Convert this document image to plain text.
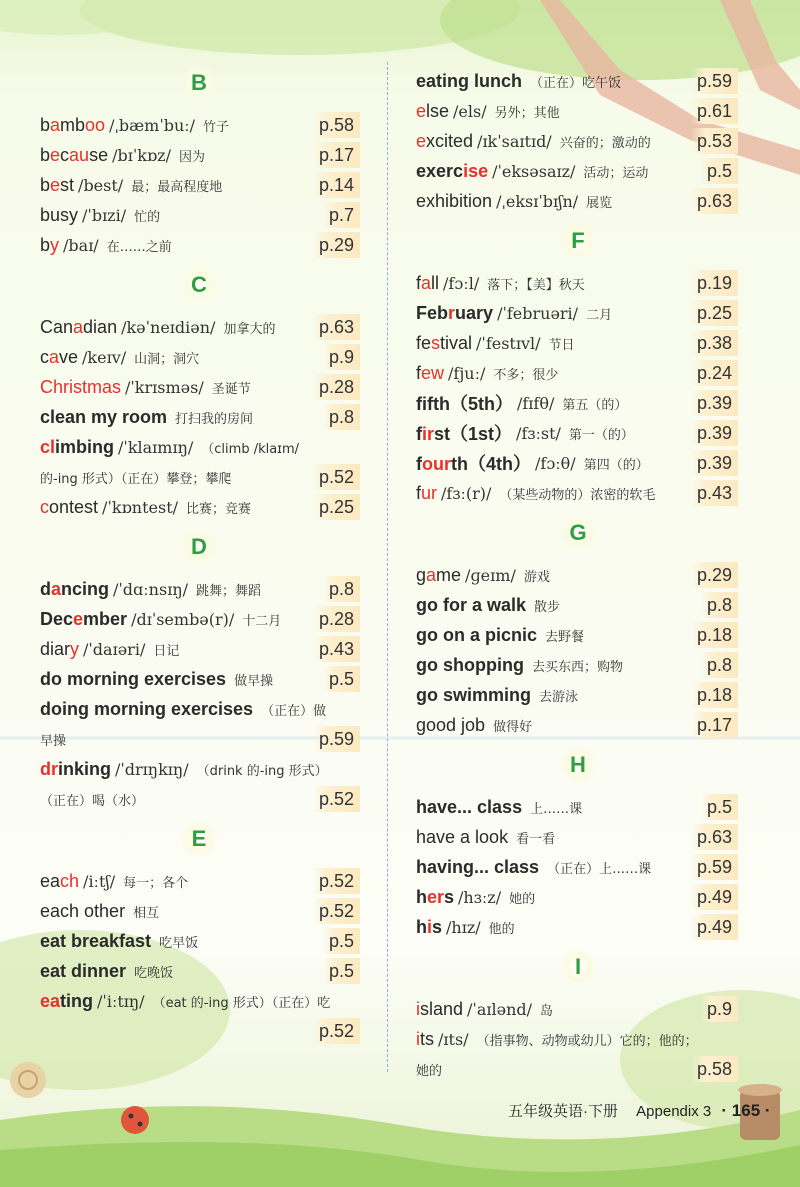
B
bamboo /ˌbæmˈbuː/ 竹子	p.58
because /bɪˈkɒz/ 因为	p.17
best /best/ 最；最高程度地	p.14
busy /ˈbɪzi/ 忙的	p.7
by /baɪ/ 在……之前	p.29
C
Canadian /kəˈneɪdiən/ 加拿大的	p.63
cave /keɪv/ 山洞；洞穴	p.9
Christmas /ˈkrɪsməs/ 圣诞节	p.28
clean my room 打扫我的房间	p.8
climbing /ˈklaɪmɪŋ/ （climb /klaɪm/
的-ing 形式）（正在）攀登；攀爬	p.52
contest /ˈkɒntest/ 比赛；竞赛	p.25
D
dancing /ˈdɑːnsɪŋ/ 跳舞；舞蹈	p.8
December /dɪˈsembə(r)/ 十二月	p.28
diary /ˈdaɪəri/ 日记	p.43
do morning exercises 做早操	p.5
doing morning exercises （正在）做
早操	p.59
drinking /ˈdrɪŋkɪŋ/ （drink 的-ing 形式）
（正在）喝（水）	p.52
E
each /iːtʃ/ 每一；各个	p.52
each other 相互	p.52
eat breakfast 吃早饭	p.5
eat dinner 吃晚饭	p.5
eating /ˈiːtɪŋ/ （eat 的-ing 形式）（正在）吃
p.52
eating lunch （正在）吃午饭	p.59
else /els/ 另外；其他	p.61
excited /ɪkˈsaɪtɪd/ 兴奋的；激动的	p.53
exercise /ˈeksəsaɪz/ 活动；运动	p.5
exhibition /ˌeksɪˈbɪʃn/ 展览	p.63
F
fall /fɔːl/ 落下；【美】秋天	p.19
February /ˈfebruəri/ 二月	p.25
festival /ˈfestɪvl/ 节日	p.38
few /fjuː/ 不多；很少	p.24
fifth（5th） /fɪfθ/ 第五（的）	p.39
first（1st） /fɜːst/ 第一（的）	p.39
fourth（4th） /fɔːθ/ 第四（的）	p.39
fur /fɜː(r)/ （某些动物的）浓密的软毛	p.43
G
game /ɡeɪm/ 游戏	p.29
go for a walk 散步	p.8
go on a picnic 去野餐	p.18
go shopping 去买东西；购物	p.8
go swimming 去游泳	p.18
good job 做得好	p.17
H
have... class 上……课	p.5
have a look 看一看	p.63
having... class （正在）上……课	p.59
hers /hɜːz/ 她的	p.49
his /hɪz/ 他的	p.49
I
island /ˈaɪlənd/ 岛	p.9
its /ɪts/ （指事物、动物或幼儿）它的；他的；
她的	p.58
五年级英语·下册 Appendix 3 · 165 ·
